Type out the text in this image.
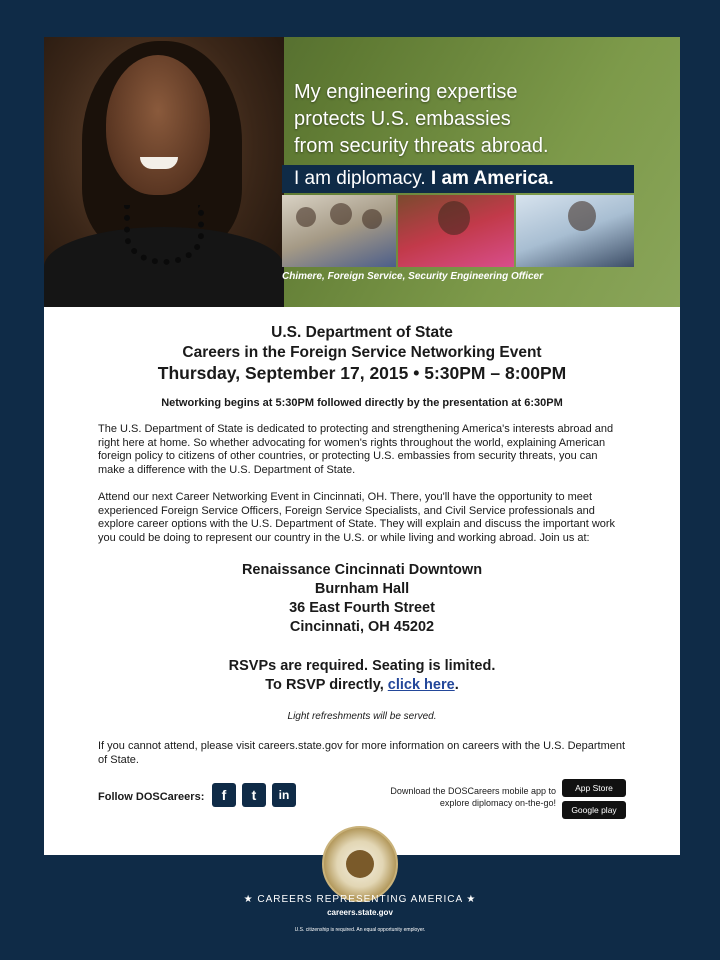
My engineering expertise
protects U.S. embassies
from security threats abroad.
I am diplomacy. I am America.
Chimere, Foreign Service, Security Engineering Officer
U.S. Department of State
Careers in the Foreign Service Networking Event
Thursday, September 17, 2015 • 5:30PM – 8:00PM
Networking begins at 5:30PM followed directly by the presentation at 6:30PM

The U.S. Department of State is dedicated to protecting and strengthening America's interests abroad and right here at home. So whether advocating for women's rights throughout the world, explaining American foreign policy to citizens of other countries, or protecting U.S. embassies from security threats, you can make a difference with the U.S. Department of State.

Attend our next Career Networking Event in Cincinnati, OH. There, you'll have the opportunity to meet experienced Foreign Service Officers, Foreign Service Specialists, and Civil Service professionals and explore career options with the U.S. Department of State. They will explain and discuss the important work you could be doing to represent our country in the U.S. or while living and working abroad. Join us at:

Renaissance Cincinnati Downtown
Burnham Hall
36 East Fourth Street
Cincinnati, OH 45202
RSVPs are required. Seating is limited.
To RSVP directly, click here.
Light refreshments will be served.

If you cannot attend, please visit careers.state.gov for more information on careers with the U.S. Department of State.

Follow DOSCareers:	f	t	in	Download the DOSCareers mobile app to explore diplomacy on-the-go!
App Store
Google play
★ CAREERS REPRESENTING AMERICA ★
careers.state.gov
U.S. citizenship is required. An equal opportunity employer.
